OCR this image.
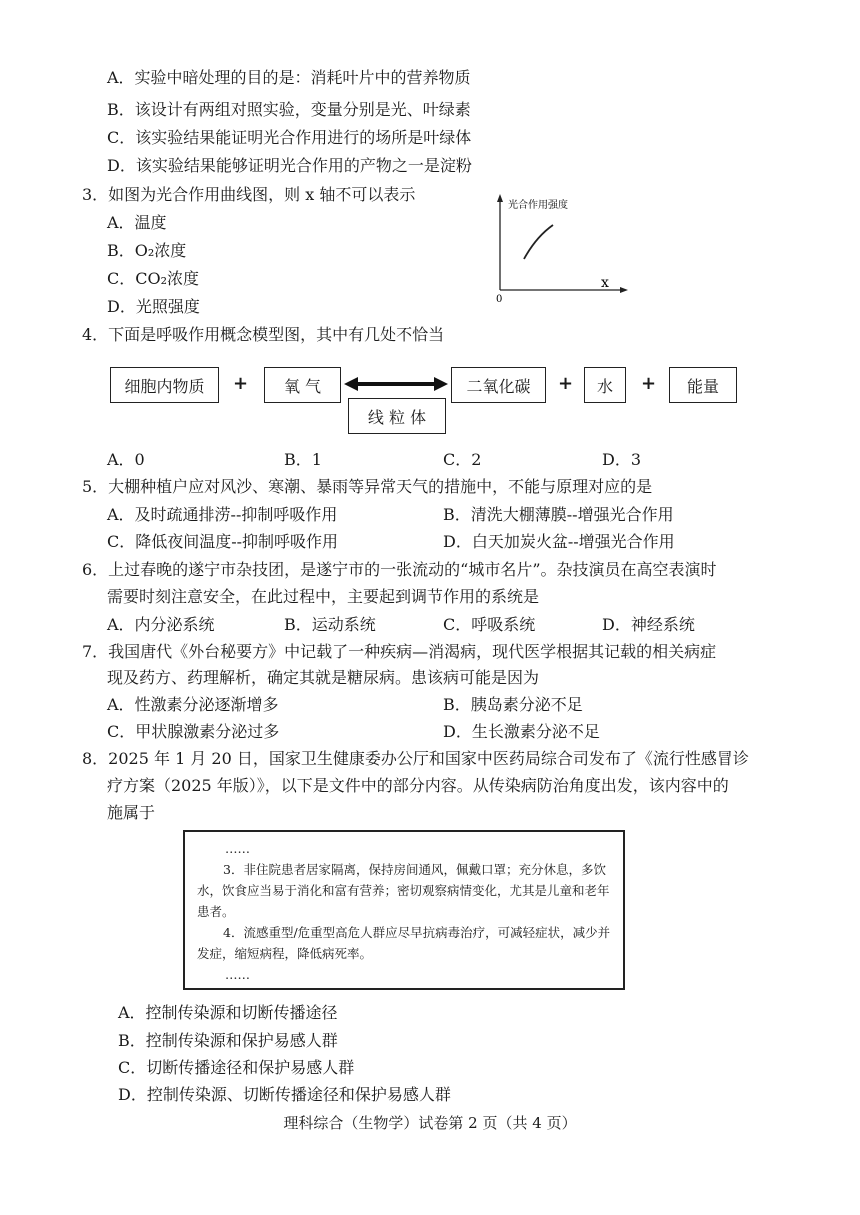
A．实验中暗处理的目的是：消耗叶片中的营养物质
B．该设计有两组对照实验，变量分别是光、叶绿素
C．该实验结果能证明光合作用进行的场所是叶绿体
D．该实验结果能够证明光合作用的产物之一是淀粉
3．如图为光合作用曲线图，则 x 轴不可以表示
A．温度
B．O₂浓度
C．CO₂浓度
D．光照强度
光合作用强度
x
0
4．下面是呼吸作用概念模型图，其中有几处不恰当
细胞内物质	+	氧 气
线 粒 体
二氧化碳	+	水	+	能量
A．0	B．1	C．2	D．3
5．大棚种植户应对风沙、寒潮、暴雨等异常天气的措施中，不能与原理对应的是
A．及时疏通排涝--抑制呼吸作用	B．清洗大棚薄膜--增强光合作用
C．降低夜间温度--抑制呼吸作用	D．白天加炭火盆--增强光合作用
6．上过春晚的遂宁市杂技团，是遂宁市的一张流动的“城市名片”。杂技演员在高空表演时
需要时刻注意安全，在此过程中，主要起到调节作用的系统是
A．内分泌系统	B．运动系统	C．呼吸系统	D．神经系统
7．我国唐代《外台秘要方》中记载了一种疾病—消渴病，现代医学根据其记载的相关病症
现及药方、药理解析，确定其就是糖尿病。患该病可能是因为
A．性激素分泌逐渐增多	B．胰岛素分泌不足
C．甲状腺激素分泌过多	D．生长激素分泌不足
8．2025 年 1 月 20 日，国家卫生健康委办公厅和国家中医药局综合司发布了《流行性感冒诊
疗方案（2025 年版）》，以下是文件中的部分内容。从传染病防治角度出发，该内容中的
施属于

……

3．非住院患者居家隔离，保持房间通风，佩戴口罩；充分休息，多饮水，饮食应当易于消化和富有营养；密切观察病情变化，尤其是儿童和老年患者。

4．流感重型/危重型高危人群应尽早抗病毒治疗，可减轻症状，减少并发症，缩短病程，降低病死率。

……

A．控制传染源和切断传播途径
B．控制传染源和保护易感人群
C．切断传播途径和保护易感人群
D．控制传染源、切断传播途径和保护易感人群
理科综合（生物学）试卷第 2 页（共 4 页）
